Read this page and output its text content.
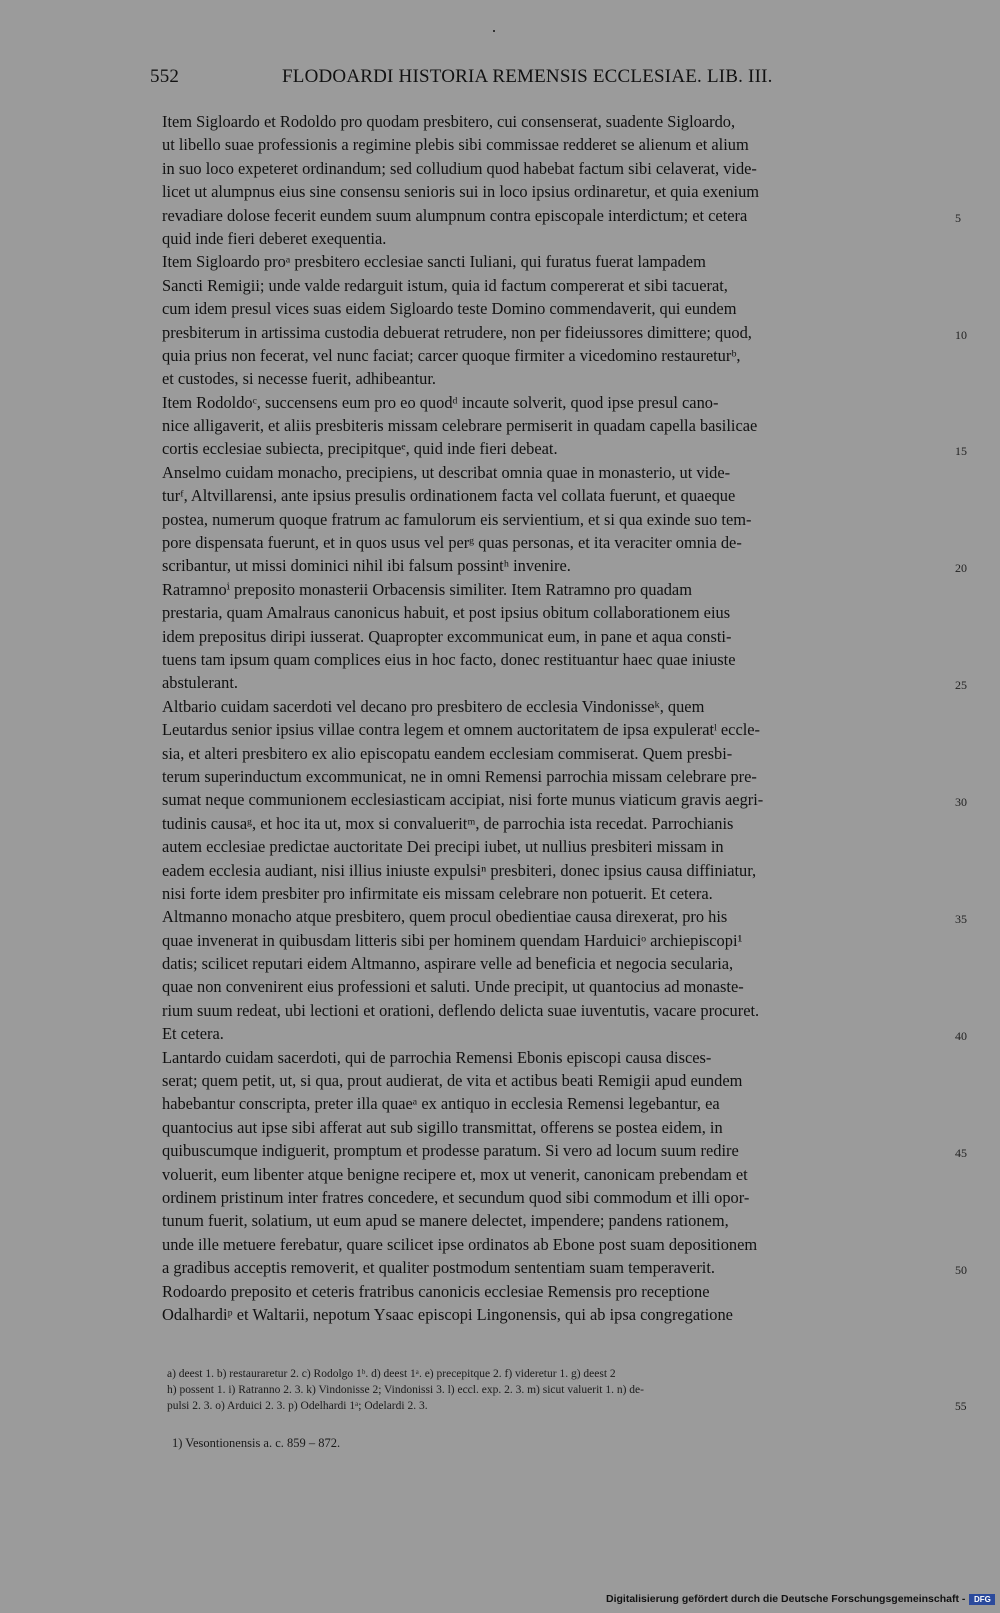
552	FLODOARDI HISTORIA REMENSIS ECCLESIAE. LIB. III.
Item Sigloardo et Rodoldo pro quodam presbitero, cui consenserat, suadente Sigloardo,
ut libello suae professionis a regimine plebis sibi commissae redderet se alienum et alium
in suo loco expeteret ordinandum; sed colludium quod habebat factum sibi celaverat, vide-
licet ut alumpnus eius sine consensu senioris sui in loco ipsius ordinaretur, et quia exenium
revadiare dolose fecerit eundem suum alumpnum contra episcopale interdictum; et cetera	5
quid inde fieri deberet exequentia.
Item Sigloardo proᵃ presbitero ecclesiae sancti Iuliani, qui furatus fuerat lampadem
Sancti Remigii; unde valde redarguit istum, quia id factum compererat et sibi tacuerat,
cum idem presul vices suas eidem Sigloardo teste Domino commendaverit, qui eundem
presbiterum in artissima custodia debuerat retrudere, non per fideiussores dimittere; quod,	10
quia prius non fecerat, vel nunc faciat; carcer quoque firmiter a vicedomino restaureturᵇ,
et custodes, si necesse fuerit, adhibeantur.
Item Rodoldoᶜ, succensens eum pro eo quodᵈ incaute solverit, quod ipse presul cano-
nice alligaverit, et aliis presbiteris missam celebrare permiserit in quadam capella basilicae
cortis ecclesiae subiecta, precipitqueᵉ, quid inde fieri debeat.	15
Anselmo cuidam monacho, precipiens, ut describat omnia quae in monasterio, ut vide-
turᶠ, Altvillarensi, ante ipsius presulis ordinationem facta vel collata fuerunt, et quaeque
postea, numerum quoque fratrum ac famulorum eis servientium, et si qua exinde suo tem-
pore dispensata fuerunt, et in quos usus vel perᵍ quas personas, et ita veraciter omnia de-
scribantur, ut missi dominici nihil ibi falsum possintʰ invenire.	20
Ratramnoⁱ preposito monasterii Orbacensis similiter. Item Ratramno pro quadam
prestaria, quam Amalraus canonicus habuit, et post ipsius obitum collaborationem eius
idem prepositus diripi iusserat. Quapropter excommunicat eum, in pane et aqua consti-
tuens tam ipsum quam complices eius in hoc facto, donec restituantur haec quae iniuste
abstulerant.	25
Altbario cuidam sacerdoti vel decano pro presbitero de ecclesia Vindonisseᵏ, quem
Leutardus senior ipsius villae contra legem et omnem auctoritatem de ipsa expuleratˡ eccle-
sia, et alteri presbitero ex alio episcopatu eandem ecclesiam commiserat. Quem presbi-
terum superinductum excommunicat, ne in omni Remensi parrochia missam celebrare pre-
sumat neque communionem ecclesiasticam accipiat, nisi forte munus viaticum gravis aegri-	30
tudinis causaᵍ, et hoc ita ut, mox si convalueritᵐ, de parrochia ista recedat. Parrochianis
autem ecclesiae predictae auctoritate Dei precipi iubet, ut nullius presbiteri missam in
eadem ecclesia audiant, nisi illius iniuste expulsiⁿ presbiteri, donec ipsius causa diffiniatur,
nisi forte idem presbiter pro infirmitate eis missam celebrare non potuerit. Et cetera.
Altmanno monacho atque presbitero, quem procul obedientiae causa direxerat, pro his	35
quae invenerat in quibusdam litteris sibi per hominem quendam Harduiciᵒ archiepiscopi¹
datis; scilicet reputari eidem Altmanno, aspirare velle ad beneficia et negocia secularia,
quae non convenirent eius professioni et saluti. Unde precipit, ut quantocius ad monaste-
rium suum redeat, ubi lectioni et orationi, deflendo delicta suae iuventutis, vacare procuret.
Et cetera.	40
Lantardo cuidam sacerdoti, qui de parrochia Remensi Ebonis episcopi causa disces-
serat; quem petit, ut, si qua, prout audierat, de vita et actibus beati Remigii apud eundem
habebantur conscripta, preter illa quaeᵃ ex antiquo in ecclesia Remensi legebantur, ea
quantocius aut ipse sibi afferat aut sub sigillo transmittat, offerens se postea eidem, in
quibuscumque indiguerit, promptum et prodesse paratum. Si vero ad locum suum redire	45
voluerit, eum libenter atque benigne recipere et, mox ut venerit, canonicam prebendam et
ordinem pristinum inter fratres concedere, et secundum quod sibi commodum et illi opor-
tunum fuerit, solatium, ut eum apud se manere delectet, impendere; pandens rationem,
unde ille metuere ferebatur, quare scilicet ipse ordinatos ab Ebone post suam depositionem
a gradibus acceptis removerit, et qualiter postmodum sententiam suam temperaverit.	50
Rodoardo preposito et ceteris fratribus canonicis ecclesiae Remensis pro receptione
Odalhardiᵖ et Waltarii, nepotum Ysaac episcopi Lingonensis, qui ab ipsa congregatione
a) deest 1. b) restauraretur 2. c) Rodolgo 1ᵇ. d) deest 1ᵃ. e) precepitque 2. f) videretur 1. g) deest 2
h) possent 1. i) Ratranno 2. 3. k) Vindonisse 2; Vindonissi 3. l) eccl. exp. 2. 3. m) sicut valuerit 1. n) de-
pulsi 2. 3. o) Arduici 2. 3. p) Odelhardi 1ᵃ; Odelardi 2. 3.	55
1) Vesontionensis a. c. 859 – 872.
Digitalisierung gefördert durch die Deutsche Forschungsgemeinschaft -	DFG
